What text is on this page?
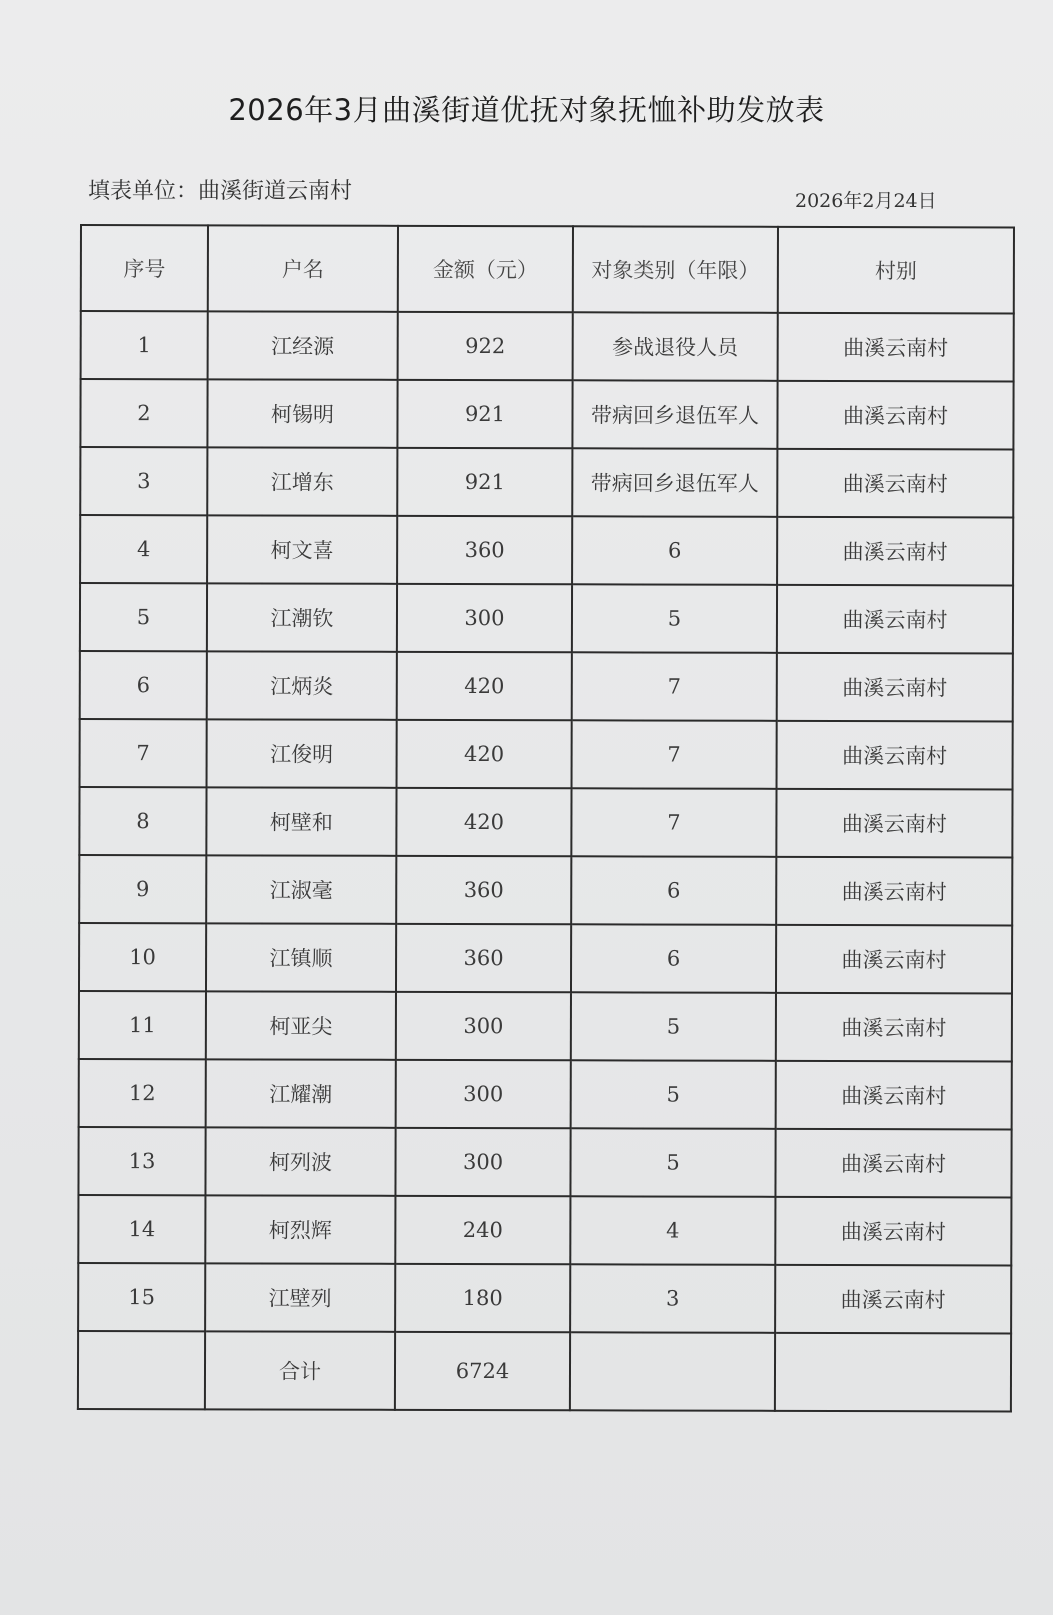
2026年3月曲溪街道优抚对象抚恤补助发放表
填表单位：曲溪街道云南村	2026年2月24日
序号	户名	金额（元）	对象类别（年限）	村别
1	江经源	922	参战退役人员	曲溪云南村
2	柯锡明	921	带病回乡退伍军人	曲溪云南村
3	江增东	921	带病回乡退伍军人	曲溪云南村
4	柯文喜	360	6	曲溪云南村
5	江潮钦	300	5	曲溪云南村
6	江炳炎	420	7	曲溪云南村
7	江俊明	420	7	曲溪云南村
8	柯壁和	420	7	曲溪云南村
9	江淑毫	360	6	曲溪云南村
10	江镇顺	360	6	曲溪云南村
11	柯亚尖	300	5	曲溪云南村
12	江耀潮	300	5	曲溪云南村
13	柯列波	300	5	曲溪云南村
14	柯烈辉	240	4	曲溪云南村
15	江壁列	180	3	曲溪云南村
	合计	6724		
